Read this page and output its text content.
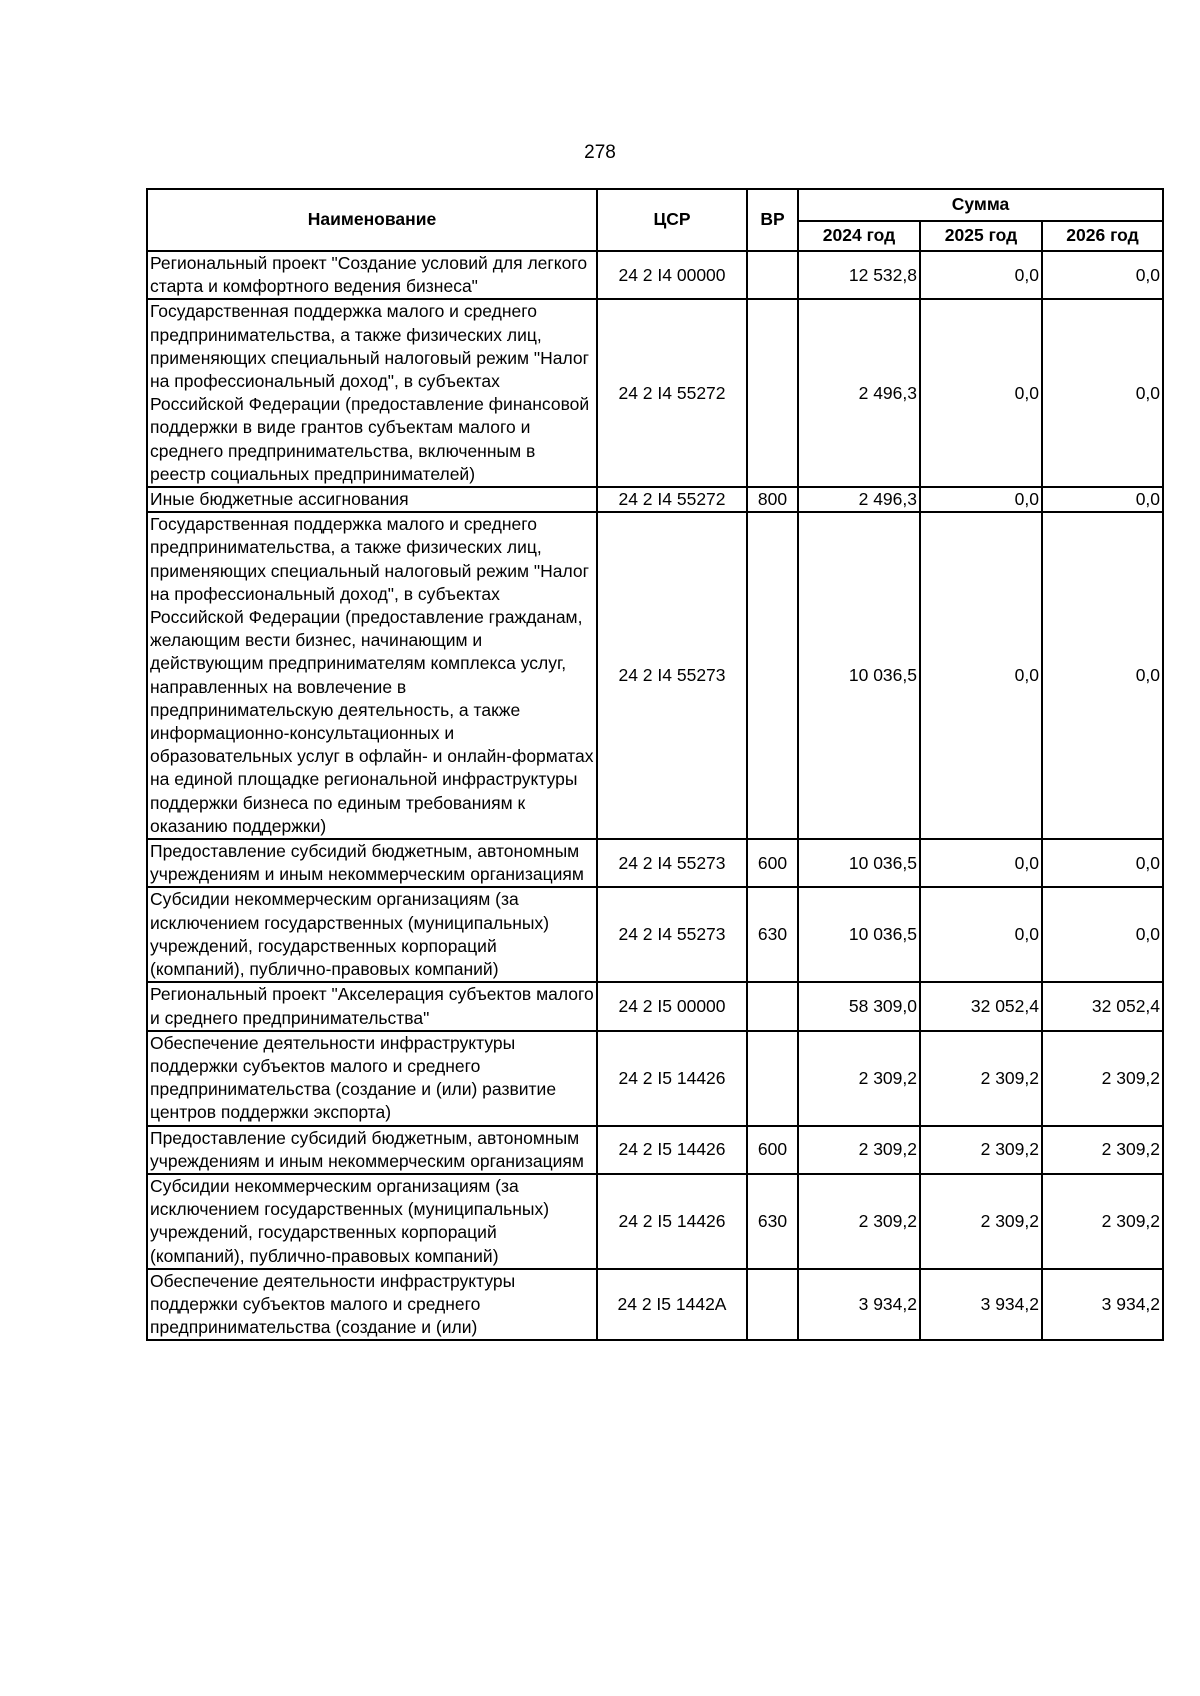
278
Наименование	ЦСР	ВР	Сумма		
			2024 год	2025 год	2026 год
Региональный проект "Создание условий для легкого старта и комфортного ведения бизнеса"	24 2 I4 00000		12 532,8	0,0	0,0
Государственная поддержка малого и среднего предпринимательства, а также физических лиц, применяющих специальный налоговый режим "Налог на профессиональный доход", в субъектах Российской Федерации (предоставление финансовой поддержки в виде грантов субъектам малого и среднего предпринимательства, включенным в реестр социальных предпринимателей)	24 2 I4 55272		2 496,3	0,0	0,0
Иные бюджетные ассигнования	24 2 I4 55272	800	2 496,3	0,0	0,0
Государственная поддержка малого и среднего предпринимательства, а также физических лиц, применяющих специальный налоговый режим "Налог на профессиональный доход", в субъектах Российской Федерации (предоставление гражданам, желающим вести бизнес, начинающим и действующим предпринимателям комплекса услуг, направленных на вовлечение в предпринимательскую деятельность, а также информационно-консультационных и образовательных услуг в офлайн- и онлайн-форматах на единой площадке региональной инфраструктуры поддержки бизнеса по единым требованиям к оказанию поддержки)	24 2 I4 55273		10 036,5	0,0	0,0
Предоставление субсидий бюджетным, автономным учреждениям и иным некоммерческим организациям	24 2 I4 55273	600	10 036,5	0,0	0,0
Субсидии некоммерческим организациям (за исключением государственных (муниципальных) учреждений, государственных корпораций (компаний), публично-правовых компаний)	24 2 I4 55273	630	10 036,5	0,0	0,0
Региональный проект "Акселерация субъектов малого и среднего предпринимательства"	24 2 I5 00000		58 309,0	32 052,4	32 052,4
Обеспечение деятельности инфраструктуры поддержки субъектов малого и среднего предпринимательства (создание и (или) развитие центров поддержки экспорта)	24 2 I5 14426		2 309,2	2 309,2	2 309,2
Предоставление субсидий бюджетным, автономным учреждениям и иным некоммерческим организациям	24 2 I5 14426	600	2 309,2	2 309,2	2 309,2
Субсидии некоммерческим организациям (за исключением государственных (муниципальных) учреждений, государственных корпораций (компаний), публично-правовых компаний)	24 2 I5 14426	630	2 309,2	2 309,2	2 309,2
Обеспечение деятельности инфраструктуры поддержки субъектов малого и среднего предпринимательства (создание и (или)	24 2 I5 1442A		3 934,2	3 934,2	3 934,2
